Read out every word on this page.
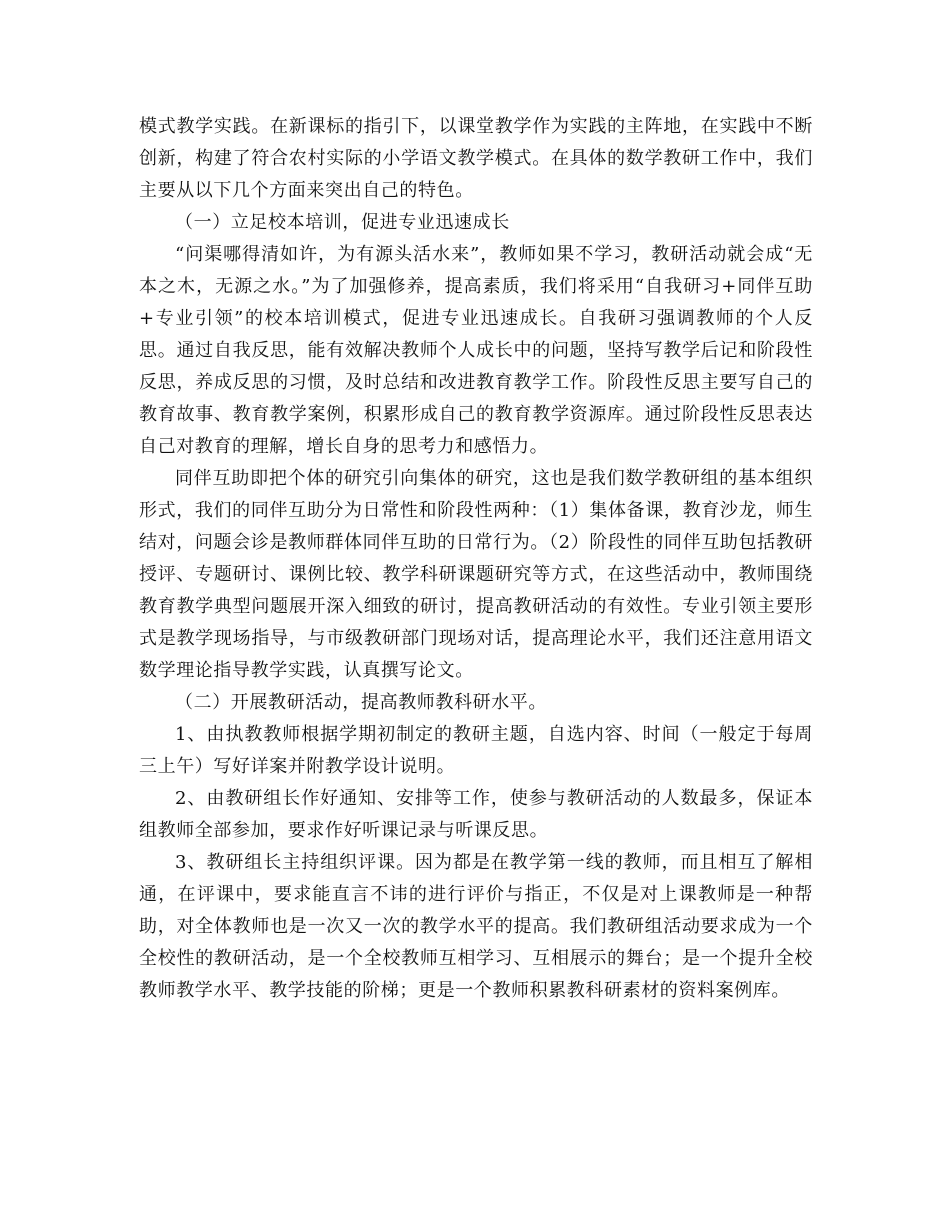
模式教学实践。在新课标的指引下，以课堂教学作为实践的主阵地，在实践中不断创新，构建了符合农村实际的小学语文教学模式。在具体的数学教研工作中，我们主要从以下几个方面来突出自己的特色。

（一）立足校本培训，促进专业迅速成长

“问渠哪得清如许，为有源头活水来”，教师如果不学习，教研活动就会成“无本之木，无源之水。”为了加强修养，提高素质，我们将采用“自我研习+同伴互助+专业引领”的校本培训模式，促进专业迅速成长。自我研习强调教师的个人反思。通过自我反思，能有效解决教师个人成长中的问题，坚持写教学后记和阶段性反思，养成反思的习惯，及时总结和改进教育教学工作。阶段性反思主要写自己的教育故事、教育教学案例，积累形成自己的教育教学资源库。通过阶段性反思表达自己对教育的理解，增长自身的思考力和感悟力。

同伴互助即把个体的研究引向集体的研究，这也是我们数学教研组的基本组织形式，我们的同伴互助分为日常性和阶段性两种：（1）集体备课，教育沙龙，师生结对，问题会诊是教师群体同伴互助的日常行为。（2）阶段性的同伴互助包括教研授评、专题研讨、课例比较、教学科研课题研究等方式，在这些活动中，教师围绕教育教学典型问题展开深入细致的研讨，提高教研活动的有效性。专业引领主要形式是教学现场指导，与市级教研部门现场对话，提高理论水平，我们还注意用语文数学理论指导教学实践，认真撰写论文。

（二）开展教研活动，提高教师教科研水平。

1、由执教教师根据学期初制定的教研主题，自选内容、时间（一般定于每周三上午）写好详案并附教学设计说明。

2、由教研组长作好通知、安排等工作，使参与教研活动的人数最多，保证本组教师全部参加，要求作好听课记录与听课反思。

3、教研组长主持组织评课。因为都是在教学第一线的教师，而且相互了解相通，在评课中，要求能直言不讳的进行评价与指正，不仅是对上课教师是一种帮助，对全体教师也是一次又一次的教学水平的提高。我们教研组活动要求成为一个全校性的教研活动，是一个全校教师互相学习、互相展示的舞台；是一个提升全校教师教学水平、教学技能的阶梯；更是一个教师积累教科研素材的资料案例库。
